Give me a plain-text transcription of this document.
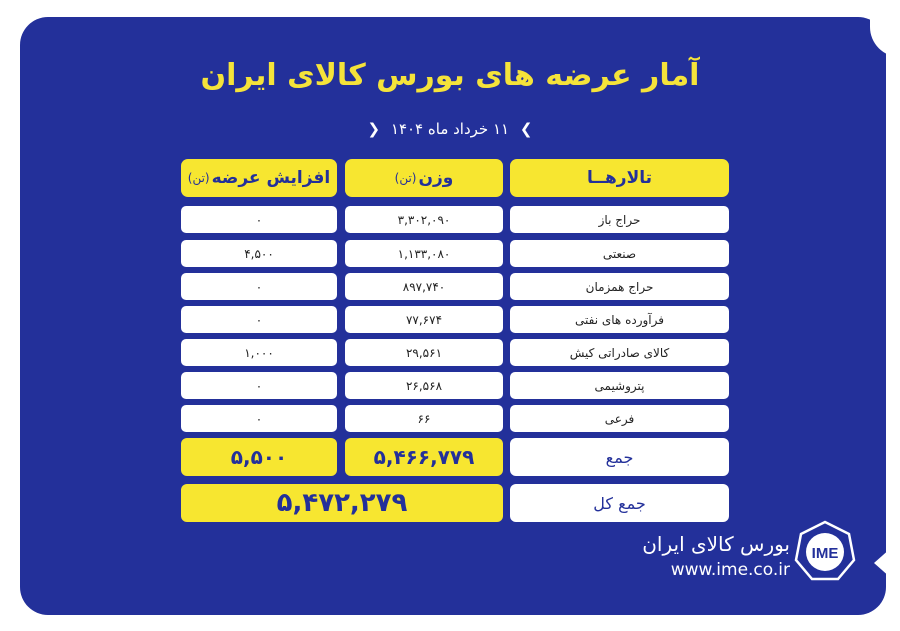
آمار عرضه های بورس کالای ایران
❯ ۱۱ خرداد ماه ۱۴۰۴ ❮
تالارهــا
وزن
(تن)
افزایش عرضه
(تن)
حراج باز
۳,۳۰۲,۰۹۰
۰
صنعتی
۱,۱۳۳,۰۸۰
۴,۵۰۰
حراج همزمان
۸۹۷,۷۴۰
۰
فرآورده های نفتی
۷۷,۶۷۴
۰
کالای صادراتی کیش
۲۹,۵۶۱
۱,۰۰۰
پتروشیمی
۲۶,۵۶۸
۰
فرعی
۶۶
۰
جمع
۵,۴۶۶,۷۷۹
۵,۵۰۰
جمع کل
۵,۴۷۲,۲۷۹
بورس کالای ایران
www.ime.co.ir
IME
